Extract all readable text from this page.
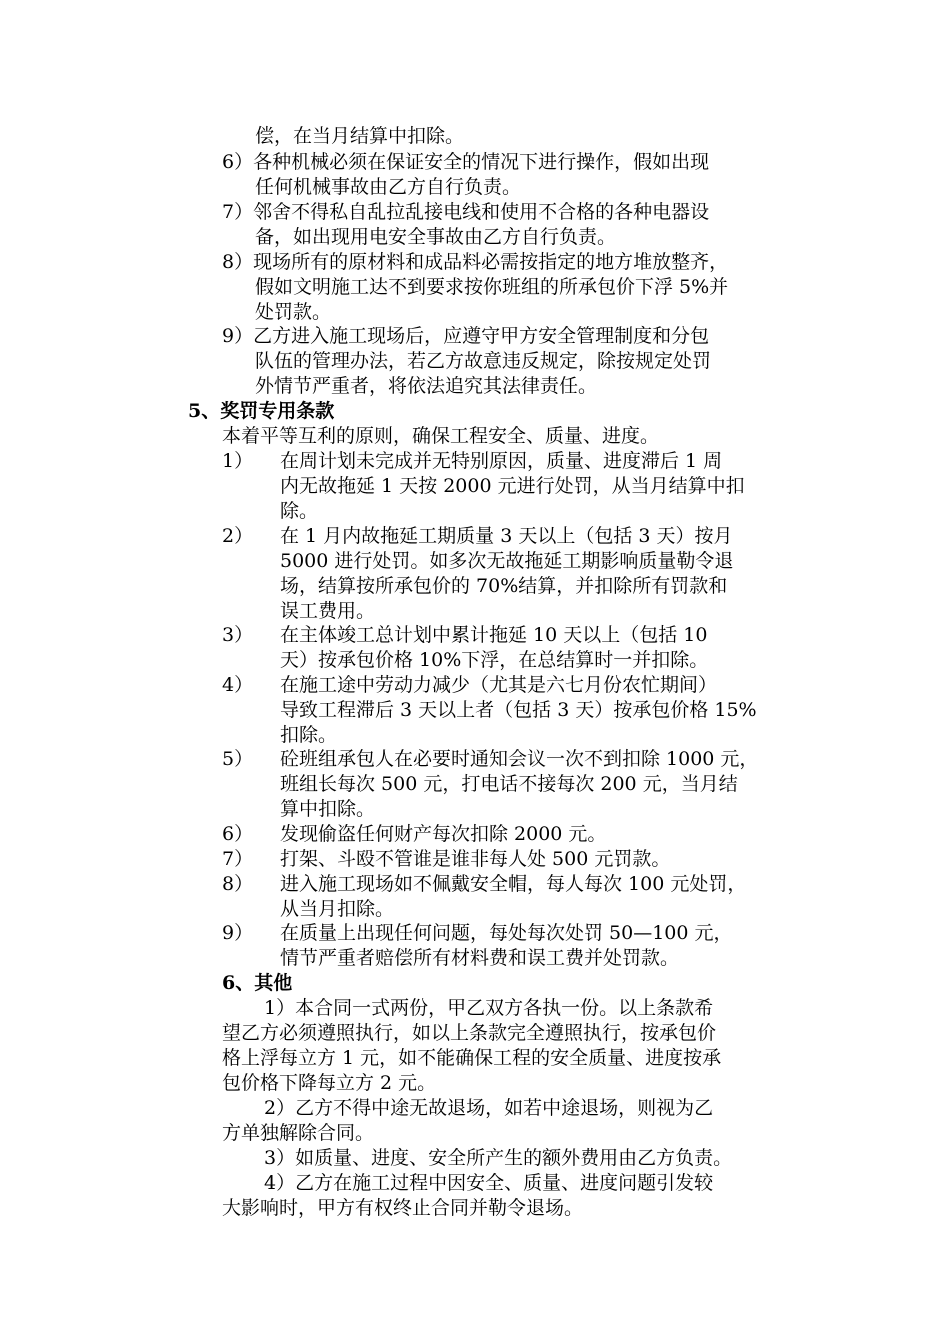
偿，在当月结算中扣除。
6）各种机械必须在保证安全的情况下进行操作，假如出现
任何机械事故由乙方自行负责。
7）邻舍不得私自乱拉乱接电线和使用不合格的各种电器设
备，如出现用电安全事故由乙方自行负责。
8）现场所有的原材料和成品料必需按指定的地方堆放整齐，
假如文明施工达不到要求按你班组的所承包价下浮 5%并
处罚款。
9）乙方进入施工现场后，应遵守甲方安全管理制度和分包
队伍的管理办法，若乙方故意违反规定，除按规定处罚
外情节严重者，将依法追究其法律责任。
5、奖罚专用条款
本着平等互利的原则，确保工程安全、质量、进度。
1） 在周计划未完成并无特别原因，质量、进度滞后 1 周
内无故拖延 1 天按 2000 元进行处罚，从当月结算中扣
除。
2） 在 1 月内故拖延工期质量 3 天以上（包括 3 天）按月
5000 进行处罚。如多次无故拖延工期影响质量勒令退
场，结算按所承包价的 70%结算，并扣除所有罚款和
误工费用。
3） 在主体竣工总计划中累计拖延 10 天以上（包括 10
天）按承包价格 10%下浮，在总结算时一并扣除。
4） 在施工途中劳动力减少（尤其是六七月份农忙期间）
导致工程滞后 3 天以上者（包括 3 天）按承包价格 15%
扣除。
5） 砼班组承包人在必要时通知会议一次不到扣除 1000 元，
班组长每次 500 元，打电话不接每次 200 元，当月结
算中扣除。
6） 发现偷盗任何财产每次扣除 2000 元。
7） 打架、斗殴不管谁是谁非每人处 500 元罚款。
8） 进入施工现场如不佩戴安全帽，每人每次 100 元处罚，
从当月扣除。
9） 在质量上出现任何问题，每处每次处罚 50—100 元，
情节严重者赔偿所有材料费和误工费并处罚款。
6、其他
1）本合同一式两份，甲乙双方各执一份。以上条款希
望乙方必须遵照执行，如以上条款完全遵照执行，按承包价
格上浮每立方 1 元，如不能确保工程的安全质量、进度按承
包价格下降每立方 2 元。
2）乙方不得中途无故退场，如若中途退场，则视为乙
方单独解除合同。
3）如质量、进度、安全所产生的额外费用由乙方负责。
4）乙方在施工过程中因安全、质量、进度问题引发较
大影响时，甲方有权终止合同并勒令退场。
